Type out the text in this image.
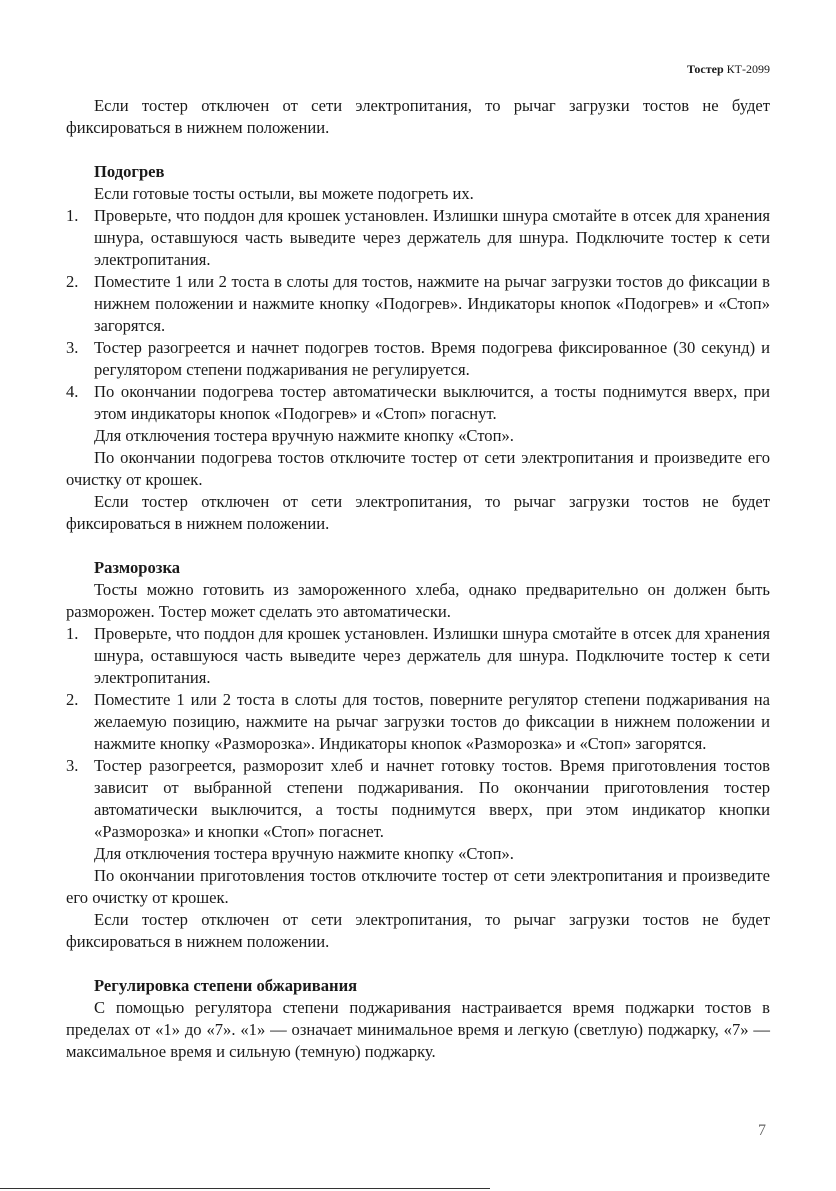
Тостер КТ-2099

Если тостер отключен от сети электропитания, то рычаг загрузки тостов не будет фиксироваться в нижнем положении.

Подогрев

Если готовые тосты остыли, вы можете подогреть их.

1. Проверьте, что поддон для крошек установлен. Излишки шнура смотайте в отсек для хранения шнура, оставшуюся часть выведите через держатель для шнура. Подключите тостер к сети электропитания.
2. Поместите 1 или 2 тоста в слоты для тостов, нажмите на рычаг загрузки тостов до фиксации в нижнем положении и нажмите кнопку «Подогрев». Индикаторы кнопок «Подогрев» и «Стоп» загорятся.
3. Тостер разогреется и начнет подогрев тостов. Время подогрева фиксированное (30 секунд) и регулятором степени поджаривания не регулируется.
4. По окончании подогрева тостер автоматически выключится, а тосты поднимутся вверх, при этом индикаторы кнопок «Подогрев» и «Стоп» погаснут.

Для отключения тостера вручную нажмите кнопку «Стоп».

По окончании подогрева тостов отключите тостер от сети электропитания и произведите его очистку от крошек.

Если тостер отключен от сети электропитания, то рычаг загрузки тостов не будет фиксироваться в нижнем положении.

Разморозка

Тосты можно готовить из замороженного хлеба, однако предварительно он должен быть разморожен. Тостер может сделать это автоматически.

1. Проверьте, что поддон для крошек установлен. Излишки шнура смотайте в отсек для хранения шнура, оставшуюся часть выведите через держатель для шнура. Подключите тостер к сети электропитания.
2. Поместите 1 или 2 тоста в слоты для тостов, поверните регулятор степени поджаривания на желаемую позицию, нажмите на рычаг загрузки тостов до фиксации в нижнем положении и нажмите кнопку «Разморозка». Индикаторы кнопок «Разморозка» и «Стоп» загорятся.
3. Тостер разогреется, разморозит хлеб и начнет готовку тостов. Время приготовления тостов зависит от выбранной степени поджаривания. По окончании приготовления тостер автоматически выключится, а тосты поднимутся вверх, при этом индикатор кнопки «Разморозка» и кнопки «Стоп» погаснет.

Для отключения тостера вручную нажмите кнопку «Стоп».

По окончании приготовления тостов отключите тостер от сети электропитания и произведите его очистку от крошек.

Если тостер отключен от сети электропитания, то рычаг загрузки тостов не будет фиксироваться в нижнем положении.

Регулировка степени обжаривания

С помощью регулятора степени поджаривания настраивается время поджарки тостов в пределах от «1» до «7». «1» — означает минимальное время и легкую (светлую) поджарку, «7» — максимальное время и сильную (темную) поджарку.

7
